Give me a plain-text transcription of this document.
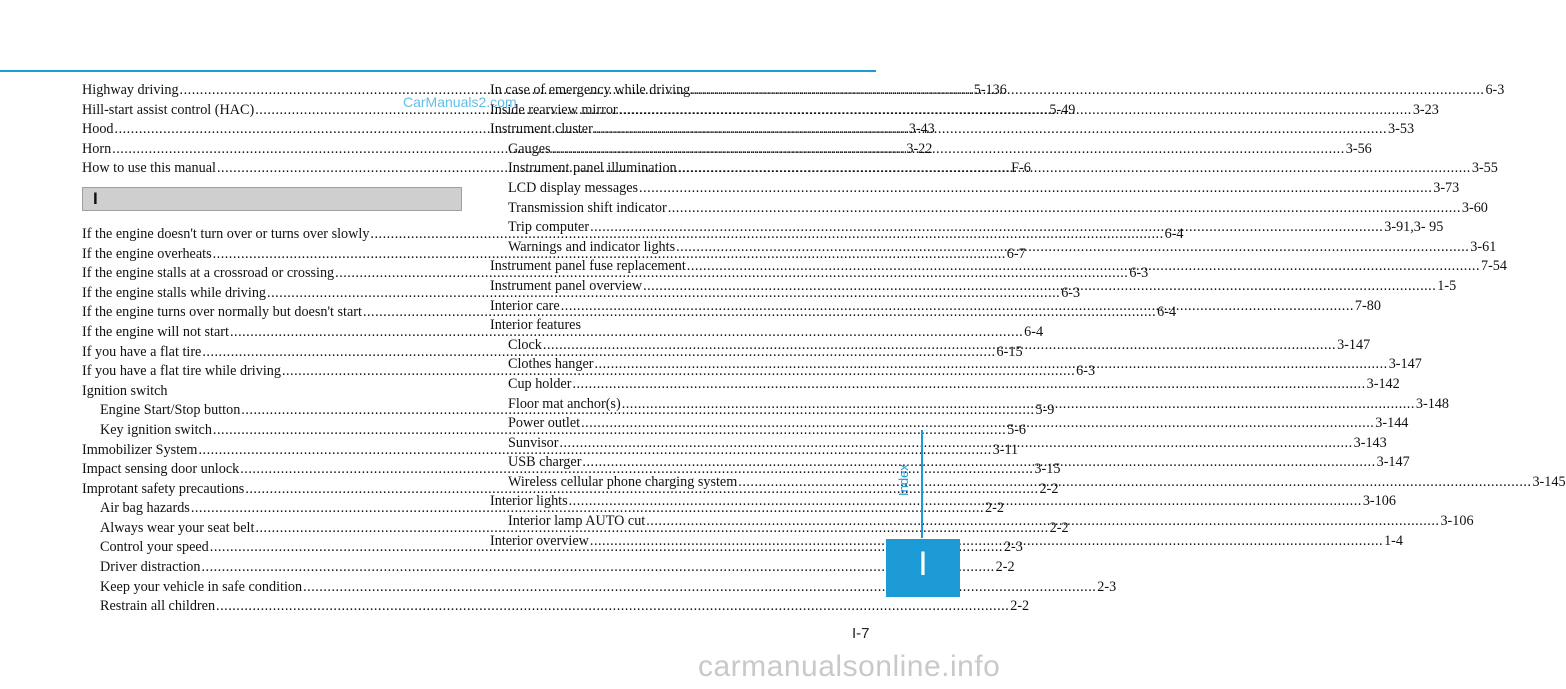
CarManuals2.com
Highway driving .....	5-136
Hill-start assist control (HAC) .....	5-49
Hood .....	3-43
Horn .....	3-22
How to use this manual .....	F-6
I
If the engine doesn't turn over or turns over slowly .....	6-4
If the engine overheats .....	6-7
If the engine stalls at a crossroad or crossing .....	6-3
If the engine stalls while driving .....	6-3
If the engine turns over normally but doesn't start .....	6-4
If the engine will not start .....	6-4
If you have a flat tire .....	6-15
If you have a flat tire while driving .....	6-3
Ignition switch
Engine Start/Stop button .....	5-9
Key ignition switch .....	5-6
Immobilizer System .....	3-11
Impact sensing door unlock .....	3-15
Improtant safety precautions .....	2-2
Air bag hazards .....	2-2
Always wear your seat belt .....	2-2
Control your speed .....	2-3
Driver distraction .....	2-2
Keep your vehicle in safe condition .....	2-3
Restrain all children .....	2-2
In case of emergency while driving .....	6-3
Inside rearview mirror .....	3-23
Instrument cluster .....	3-53
Gauges .....	3-56
Instrument panel illumination .....	3-55
LCD display messages .....	3-73
Transmission shift indicator .....	3-60
Trip computer .....	3-91,3- 95
Warnings and indicator lights .....	3-61
Instrument panel fuse replacement .....	7-54
Instrument panel overview .....	1-5
Interior care .....	7-80
Interior features
Clock .....	3-147
Clothes hanger .....	3-147
Cup holder .....	3-142
Floor mat anchor(s) .....	3-148
Power outlet .....	3-144
Sunvisor .....	3-143
USB charger .....	3-147
Wireless cellular phone charging system .....	3-145
Interior lights .....	3-106
Interior lamp AUTO cut .....	3-106
Interior overview .....	1-4
Index
I
I-7
carmanualsonline.info
